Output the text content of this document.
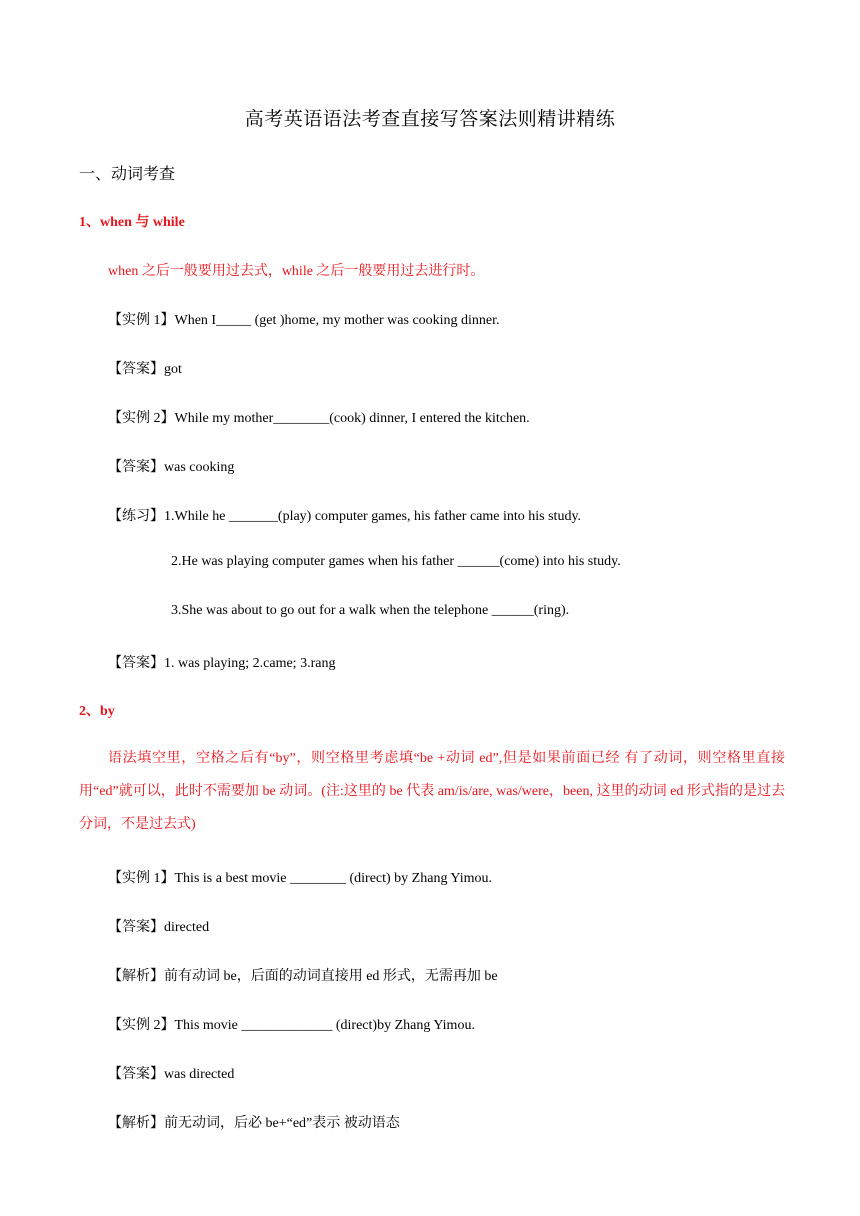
高考英语语法考查直接写答案法则精讲精练
一、动词考查
1、when 与 while
when 之后一般要用过去式，while 之后一般要用过去进行时。
【实例 1】When I_____ (get )home, my mother was cooking dinner.
【答案】got
【实例 2】While my mother________(cook) dinner, I entered the kitchen.
【答案】was cooking
【练习】1.While he _______(play) computer games, his father came into his study.
2.He was playing computer games when his father ______(come) into his study.
3.She was about to go out for a walk when the telephone ______(ring).
【答案】1. was playing; 2.came; 3.rang
2、by
语法填空里，空格之后有“by”，则空格里考虑填“be +动词 ed”,但是如果前面已经 有了动词，则空格里直接用“ed”就可以，此时不需要加 be 动词。(注:这里的 be 代表 am/is/are, was/were，been, 这里的动词 ed 形式指的是过去分词，不是过去式)
【实例 1】This is a best movie ________ (direct) by Zhang Yimou.
【答案】directed
【解析】前有动词 be，后面的动词直接用 ed 形式，无需再加 be
【实例 2】This movie _____________ (direct)by Zhang Yimou.
【答案】was directed
【解析】前无动词，后必 be+“ed”表示 被动语态
